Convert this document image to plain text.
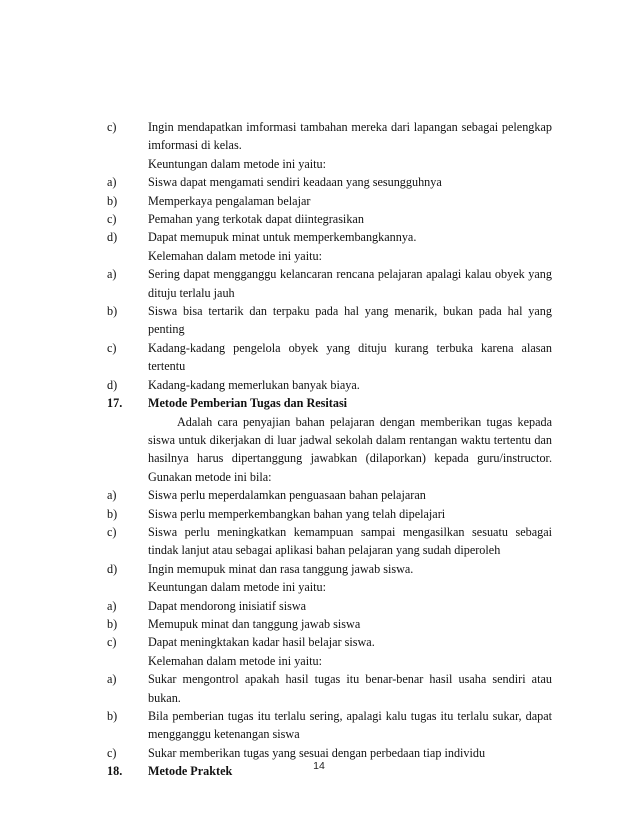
c)	Ingin mendapatkan imformasi tambahan mereka dari lapangan sebagai pelengkap imformasi di kelas.
Keuntungan dalam metode ini yaitu:
a)	Siswa dapat mengamati sendiri keadaan yang sesungguhnya
b)	Memperkaya pengalaman belajar
c)	Pemahan yang terkotak dapat diintegrasikan
d)	Dapat memupuk minat untuk memperkembangkannya.
Kelemahan dalam metode ini yaitu:
a)	Sering dapat mengganggu kelancaran rencana pelajaran apalagi kalau obyek yang dituju terlalu jauh
b)	Siswa bisa tertarik dan terpaku pada hal yang menarik, bukan pada hal yang penting
c)	Kadang-kadang pengelola obyek yang dituju kurang terbuka karena alasan tertentu
d)	Kadang-kadang memerlukan banyak biaya.
17.	Metode Pemberian Tugas dan Resitasi
Adalah cara penyajian bahan pelajaran dengan memberikan tugas kepada siswa untuk dikerjakan di luar jadwal sekolah dalam rentangan waktu tertentu dan hasilnya harus dipertanggung jawabkan (dilaporkan) kepada guru/instructor. Gunakan metode ini bila:
a)	Siswa perlu meperdalamkan penguasaan bahan pelajaran
b)	Siswa perlu memperkembangkan bahan yang telah dipelajari
c)	Siswa perlu meningkatkan kemampuan sampai mengasilkan sesuatu sebagai tindak lanjut atau sebagai aplikasi bahan pelajaran yang sudah diperoleh
d)	Ingin memupuk minat dan rasa tanggung jawab siswa.
Keuntungan dalam metode ini yaitu:
a)	Dapat mendorong inisiatif siswa
b)	Memupuk minat dan tanggung jawab siswa
c)	Dapat meningktakan kadar hasil belajar siswa.
Kelemahan dalam metode ini yaitu:
a)	Sukar mengontrol apakah hasil tugas itu benar-benar hasil usaha sendiri atau bukan.
b)	Bila pemberian tugas itu terlalu sering, apalagi kalu tugas itu terlalu sukar, dapat mengganggu ketenangan siswa
c)	Sukar memberikan tugas yang sesuai dengan perbedaan tiap individu
18.	Metode Praktek	14
